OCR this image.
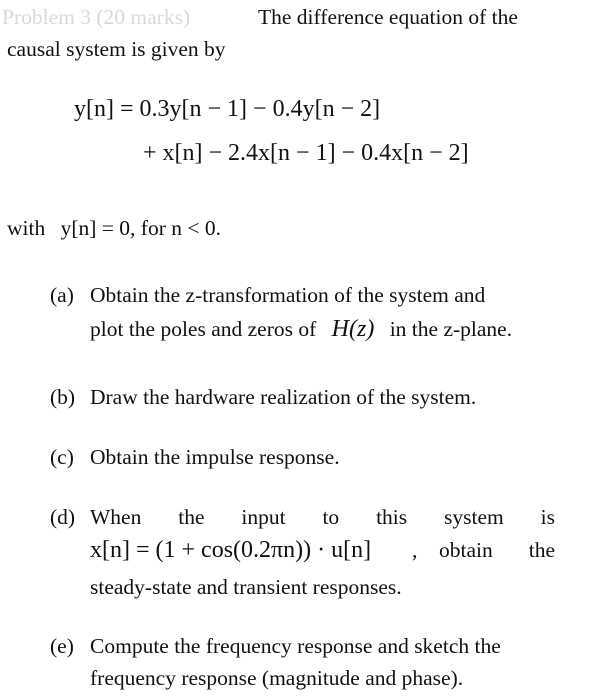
Problem 3 (20 marks)	The difference equation of the
causal system is given by
y[n] = 0.3y[n − 1] − 0.4y[n − 2]
+ x[n] − 2.4x[n − 1] − 0.4x[n − 2]
with y[n] = 0, for n < 0.
(a) Obtain the z-transformation of the system and
plot the poles and zeros of H(z) in the z-plane.
(b) Draw the hardware realization of the system.
(c) Obtain the impulse response.
(d) When the input to this system is
x[n] = (1 + cos(0.2πn)) · u[n] , obtain the
steady-state and transient responses.
(e) Compute the frequency response and sketch the
frequency response (magnitude and phase).
